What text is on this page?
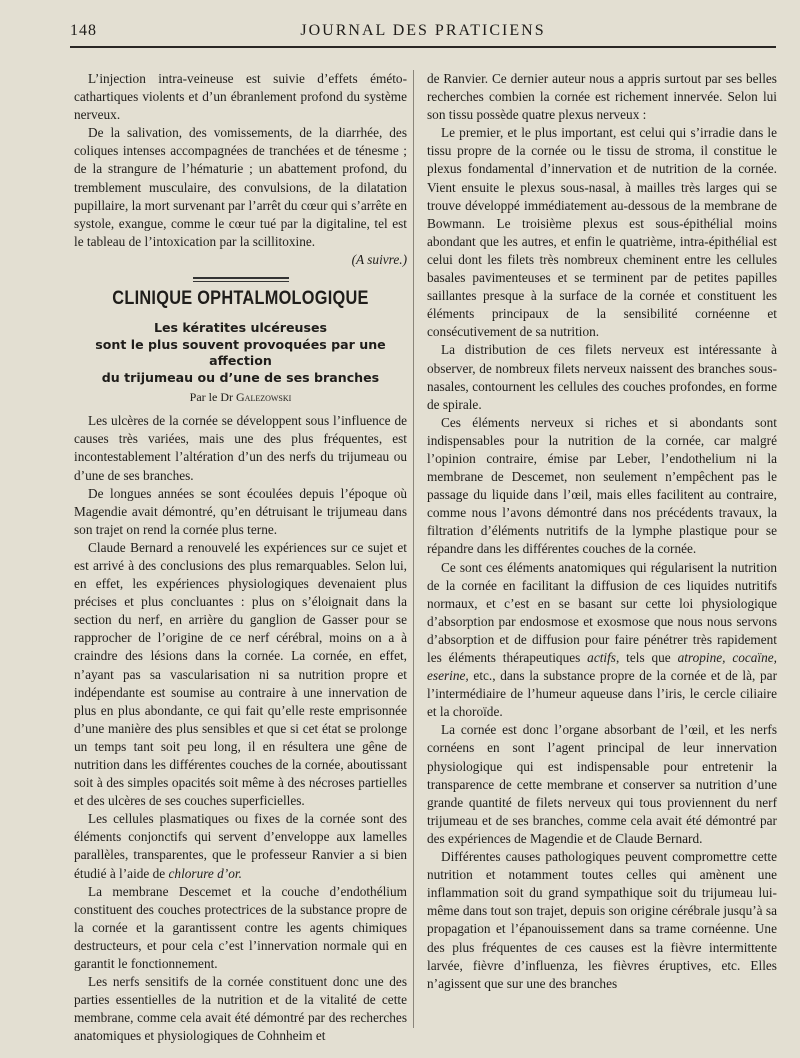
148	JOURNAL DES PRATICIENS

L’injection intra-veineuse est suivie d’effets éméto-cathartiques violents et d’un ébranlement profond du système nerveux.

De la salivation, des vomissements, de la diarrhée, des coliques intenses accompagnées de tranchées et de ténesme ; de la strangure de l’hématurie ; un abattement profond, du tremblement musculaire, des convulsions, de la dilatation pupillaire, la mort survenant par l’arrêt du cœur qui s’arrête en systole, exangue, comme le cœur tué par la digitaline, tel est le tableau de l’intoxication par la scillitoxine.

(A suivre.)

CLINIQUE OPHTALMOLOGIQUE
Les kératites ulcéreuses
sont le plus souvent provoquées par une affection
du trijumeau ou d’une de ses branches
Par le Dr Galezowski

Les ulcères de la cornée se développent sous l’influence de causes très variées, mais une des plus fréquentes, est incontestablement l’altération d’un des nerfs du trijumeau ou d’une de ses branches.

De longues années se sont écoulées depuis l’époque où Magendie avait démontré, qu’en détruisant le trijumeau dans son trajet on rend la cornée plus terne.

Claude Bernard a renouvelé les expériences sur ce sujet et est arrivé à des conclusions des plus remarquables. Selon lui, en effet, les expériences physiologiques devenaient plus précises et plus concluantes : plus on s’éloignait dans la section du nerf, en arrière du ganglion de Gasser pour se rapprocher de l’origine de ce nerf cérébral, moins on a à craindre des lésions dans la cornée. La cornée, en effet, n’ayant pas sa vascularisation ni sa nutrition propre et indépendante est soumise au contraire à une innervation de plus en plus abondante, ce qui fait qu’elle reste emprisonnée d’une manière des plus sensibles et que si cet état se prolonge un temps tant soit peu long, il en résultera une gêne de nutrition dans les différentes couches de la cornée, aboutissant soit à des simples opacités soit même à des nécroses partielles et des ulcères de ses couches superficielles.

Les cellules plasmatiques ou fixes de la cornée sont des éléments conjonctifs qui servent d’enveloppe aux lamelles parallèles, transparentes, que le professeur Ranvier a si bien étudié à l’aide de chlorure d’or.

La membrane Descemet et la couche d’endothélium constituent des couches protectrices de la substance propre de la cornée et la garantissent contre les agents chimiques destructeurs, et pour cela c’est l’innervation normale qui en garantit le fonctionnement.

Les nerfs sensitifs de la cornée constituent donc une des parties essentielles de la nutrition et de la vitalité de cette membrane, comme cela avait été démontré par des recherches anatomiques et physiologiques de Cohnheim et

de Ranvier. Ce dernier auteur nous a appris surtout par ses belles recherches combien la cornée est richement innervée. Selon lui son tissu possède quatre plexus nerveux :

Le premier, et le plus important, est celui qui s’irradie dans le tissu propre de la cornée ou le tissu de stroma, il constitue le plexus fondamental d’innervation et de nutrition de la cornée. Vient ensuite le plexus sous-nasal, à mailles très larges qui se trouve développé immédiatement au-dessous de la membrane de Bowmann. Le troisième plexus est sous-épithélial moins abondant que les autres, et enfin le quatrième, intra-épithélial est celui dont les filets très nombreux cheminent entre les cellules basales pavimenteuses et se terminent par de petites papilles saillantes presque à la surface de la cornée et constituent les éléments principaux de la sensibilité cornéenne et consécutivement de sa nutrition.

La distribution de ces filets nerveux est intéressante à observer, de nombreux filets nerveux naissent des branches sous-nasales, contournent les cellules des couches profondes, en forme de spirale.

Ces éléments nerveux si riches et si abondants sont indispensables pour la nutrition de la cornée, car malgré l’opinion contraire, émise par Leber, l’endothelium ni la membrane de Descemet, non seulement n’empêchent pas le passage du liquide dans l’œil, mais elles facilitent au contraire, comme nous l’avons démontré dans nos précédents travaux, la filtration d’éléments nutritifs de la lymphe plastique pour se répandre dans les différentes couches de la cornée.

Ce sont ces éléments anatomiques qui régularisent la nutrition de la cornée en facilitant la diffusion de ces liquides nutritifs normaux, et c’est en se basant sur cette loi physiologique d’absorption par endosmose et exosmose que nous nous servons d’absorption et de diffusion pour faire pénétrer très rapidement les éléments thérapeutiques actifs, tels que atropine, cocaïne, eserine, etc., dans la substance propre de la cornée et de là, par l’intermédiaire de l’humeur aqueuse dans l’iris, le cercle ciliaire et la choroïde.

La cornée est donc l’organe absorbant de l’œil, et les nerfs cornéens en sont l’agent principal de leur innervation physiologique qui est indispensable pour entretenir la transparence de cette membrane et conserver sa nutrition d’une grande quantité de filets nerveux qui tous proviennent du nerf trijumeau et de ses branches, comme cela avait été démontré par des expériences de Magendie et de Claude Bernard.

Différentes causes pathologiques peuvent compromettre cette nutrition et notamment toutes celles qui amènent une inflammation soit du grand sympathique soit du trijumeau lui-même dans tout son trajet, depuis son origine cérébrale jusqu’à sa propagation et l’épanouissement dans sa trame cornéenne. Une des plus fréquentes de ces causes est la fièvre intermittente larvée, fièvre d’influenza, les fièvres éruptives, etc. Elles n’agissent que sur une des branches
